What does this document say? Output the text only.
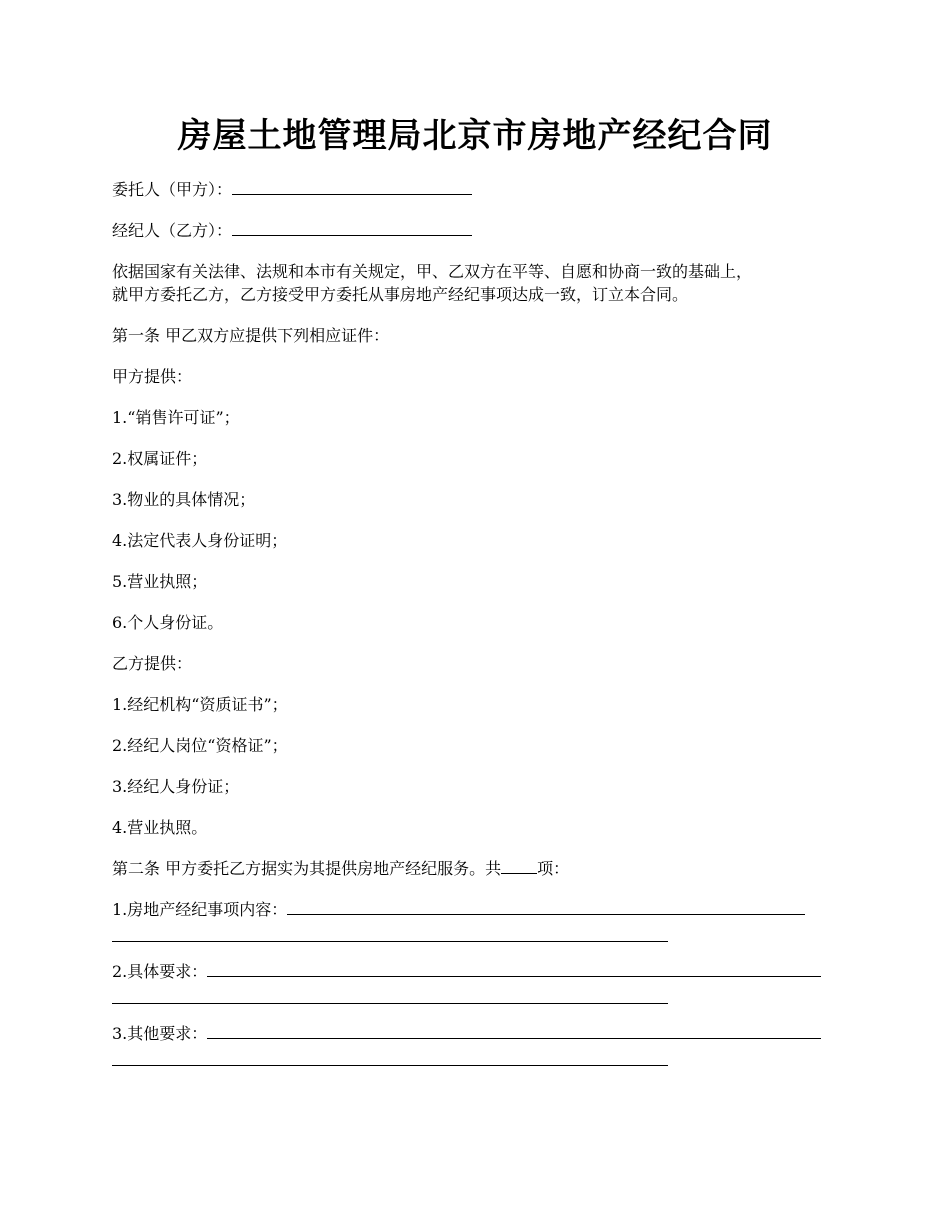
房屋土地管理局北京市房地产经纪合同
委托人（甲方）：
经纪人（乙方）：
依据国家有关法律、法规和本市有关规定，甲、乙双方在平等、自愿和协商一致的基础上，
就甲方委托乙方，乙方接受甲方委托从事房地产经纪事项达成一致，订立本合同。
第一条 甲乙双方应提供下列相应证件：
甲方提供：
1.“销售许可证”；
2.权属证件；
3.物业的具体情况；
4.法定代表人身份证明；
5.营业执照；
6.个人身份证。
乙方提供：
1.经纪机构“资质证书”；
2.经纪人岗位“资格证”；
3.经纪人身份证；
4.营业执照。
第二条 甲方委托乙方据实为其提供房地产经纪服务。共 项：
1.房地产经纪事项内容：
2.具体要求：
3.其他要求：
